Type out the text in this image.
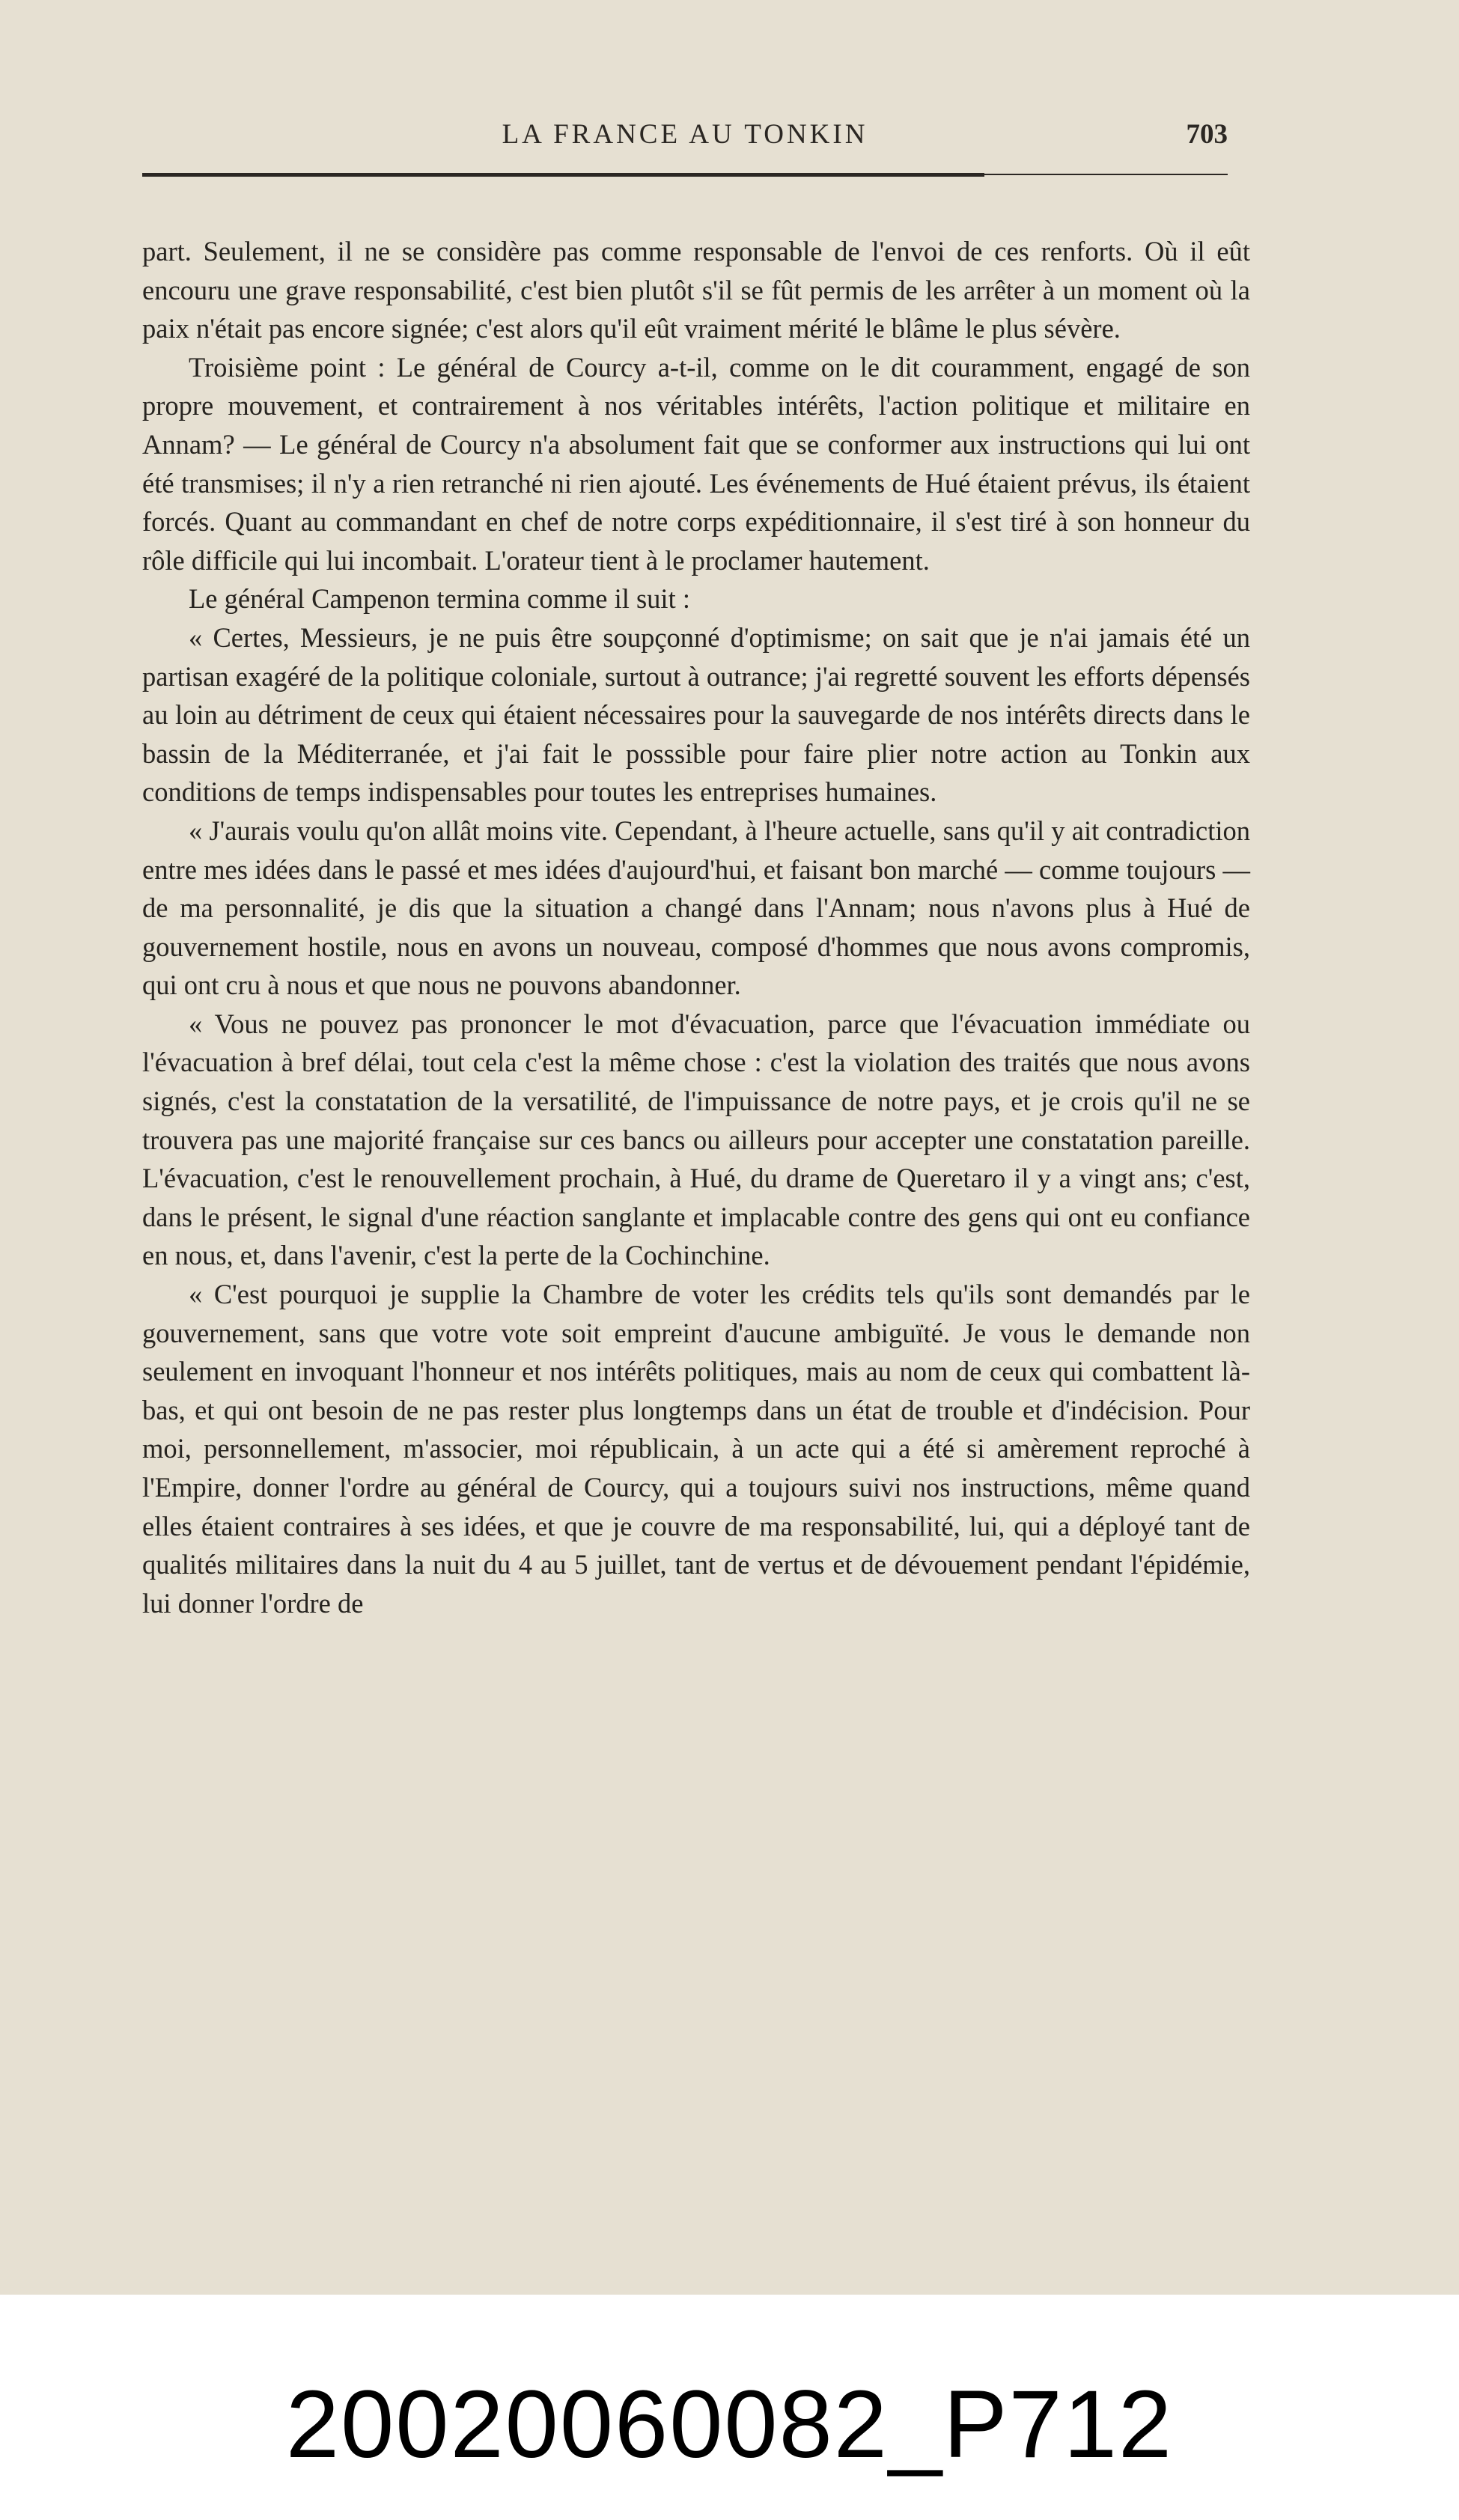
LA FRANCE AU TONKIN	703

part. Seulement, il ne se considère pas comme responsable de l'envoi de ces renforts. Où il eût encouru une grave responsabilité, c'est bien plutôt s'il se fût permis de les arrêter à un moment où la paix n'était pas encore signée; c'est alors qu'il eût vraiment mérité le blâme le plus sévère.

Troisième point : Le général de Courcy a-t-il, comme on le dit couramment, engagé de son propre mouvement, et contrairement à nos véritables intérêts, l'action politique et militaire en Annam? — Le général de Courcy n'a absolument fait que se conformer aux instructions qui lui ont été transmises; il n'y a rien retranché ni rien ajouté. Les événements de Hué étaient prévus, ils étaient forcés. Quant au commandant en chef de notre corps expéditionnaire, il s'est tiré à son honneur du rôle difficile qui lui incombait. L'orateur tient à le proclamer hautement.

Le général Campenon termina comme il suit :

« Certes, Messieurs, je ne puis être soupçonné d'optimisme; on sait que je n'ai jamais été un partisan exagéré de la politique coloniale, surtout à outrance; j'ai regretté souvent les efforts dépensés au loin au détriment de ceux qui étaient nécessaires pour la sauvegarde de nos intérêts directs dans le bassin de la Méditerranée, et j'ai fait le posssible pour faire plier notre action au Tonkin aux conditions de temps indispensables pour toutes les entreprises humaines.

« J'aurais voulu qu'on allât moins vite. Cependant, à l'heure actuelle, sans qu'il y ait contradiction entre mes idées dans le passé et mes idées d'aujourd'hui, et faisant bon marché — comme toujours — de ma personnalité, je dis que la situation a changé dans l'Annam; nous n'avons plus à Hué de gouvernement hostile, nous en avons un nouveau, composé d'hommes que nous avons compromis, qui ont cru à nous et que nous ne pouvons abandonner.

« Vous ne pouvez pas prononcer le mot d'évacuation, parce que l'évacuation immédiate ou l'évacuation à bref délai, tout cela c'est la même chose : c'est la violation des traités que nous avons signés, c'est la constatation de la versatilité, de l'impuissance de notre pays, et je crois qu'il ne se trouvera pas une majorité française sur ces bancs ou ailleurs pour accepter une constatation pareille. L'évacuation, c'est le renouvellement prochain, à Hué, du drame de Queretaro il y a vingt ans; c'est, dans le présent, le signal d'une réaction sanglante et implacable contre des gens qui ont eu confiance en nous, et, dans l'avenir, c'est la perte de la Cochinchine.

« C'est pourquoi je supplie la Chambre de voter les crédits tels qu'ils sont demandés par le gouvernement, sans que votre vote soit empreint d'aucune ambiguïté. Je vous le demande non seulement en invoquant l'honneur et nos intérêts politiques, mais au nom de ceux qui combattent là-bas, et qui ont besoin de ne pas rester plus longtemps dans un état de trouble et d'indécision. Pour moi, personnellement, m'associer, moi républicain, à un acte qui a été si amèrement reproché à l'Empire, donner l'ordre au général de Courcy, qui a toujours suivi nos instructions, même quand elles étaient contraires à ses idées, et que je couvre de ma responsabilité, lui, qui a déployé tant de qualités militaires dans la nuit du 4 au 5 juillet, tant de vertus et de dévouement pendant l'épidémie, lui donner l'ordre de

20020060082_P712
